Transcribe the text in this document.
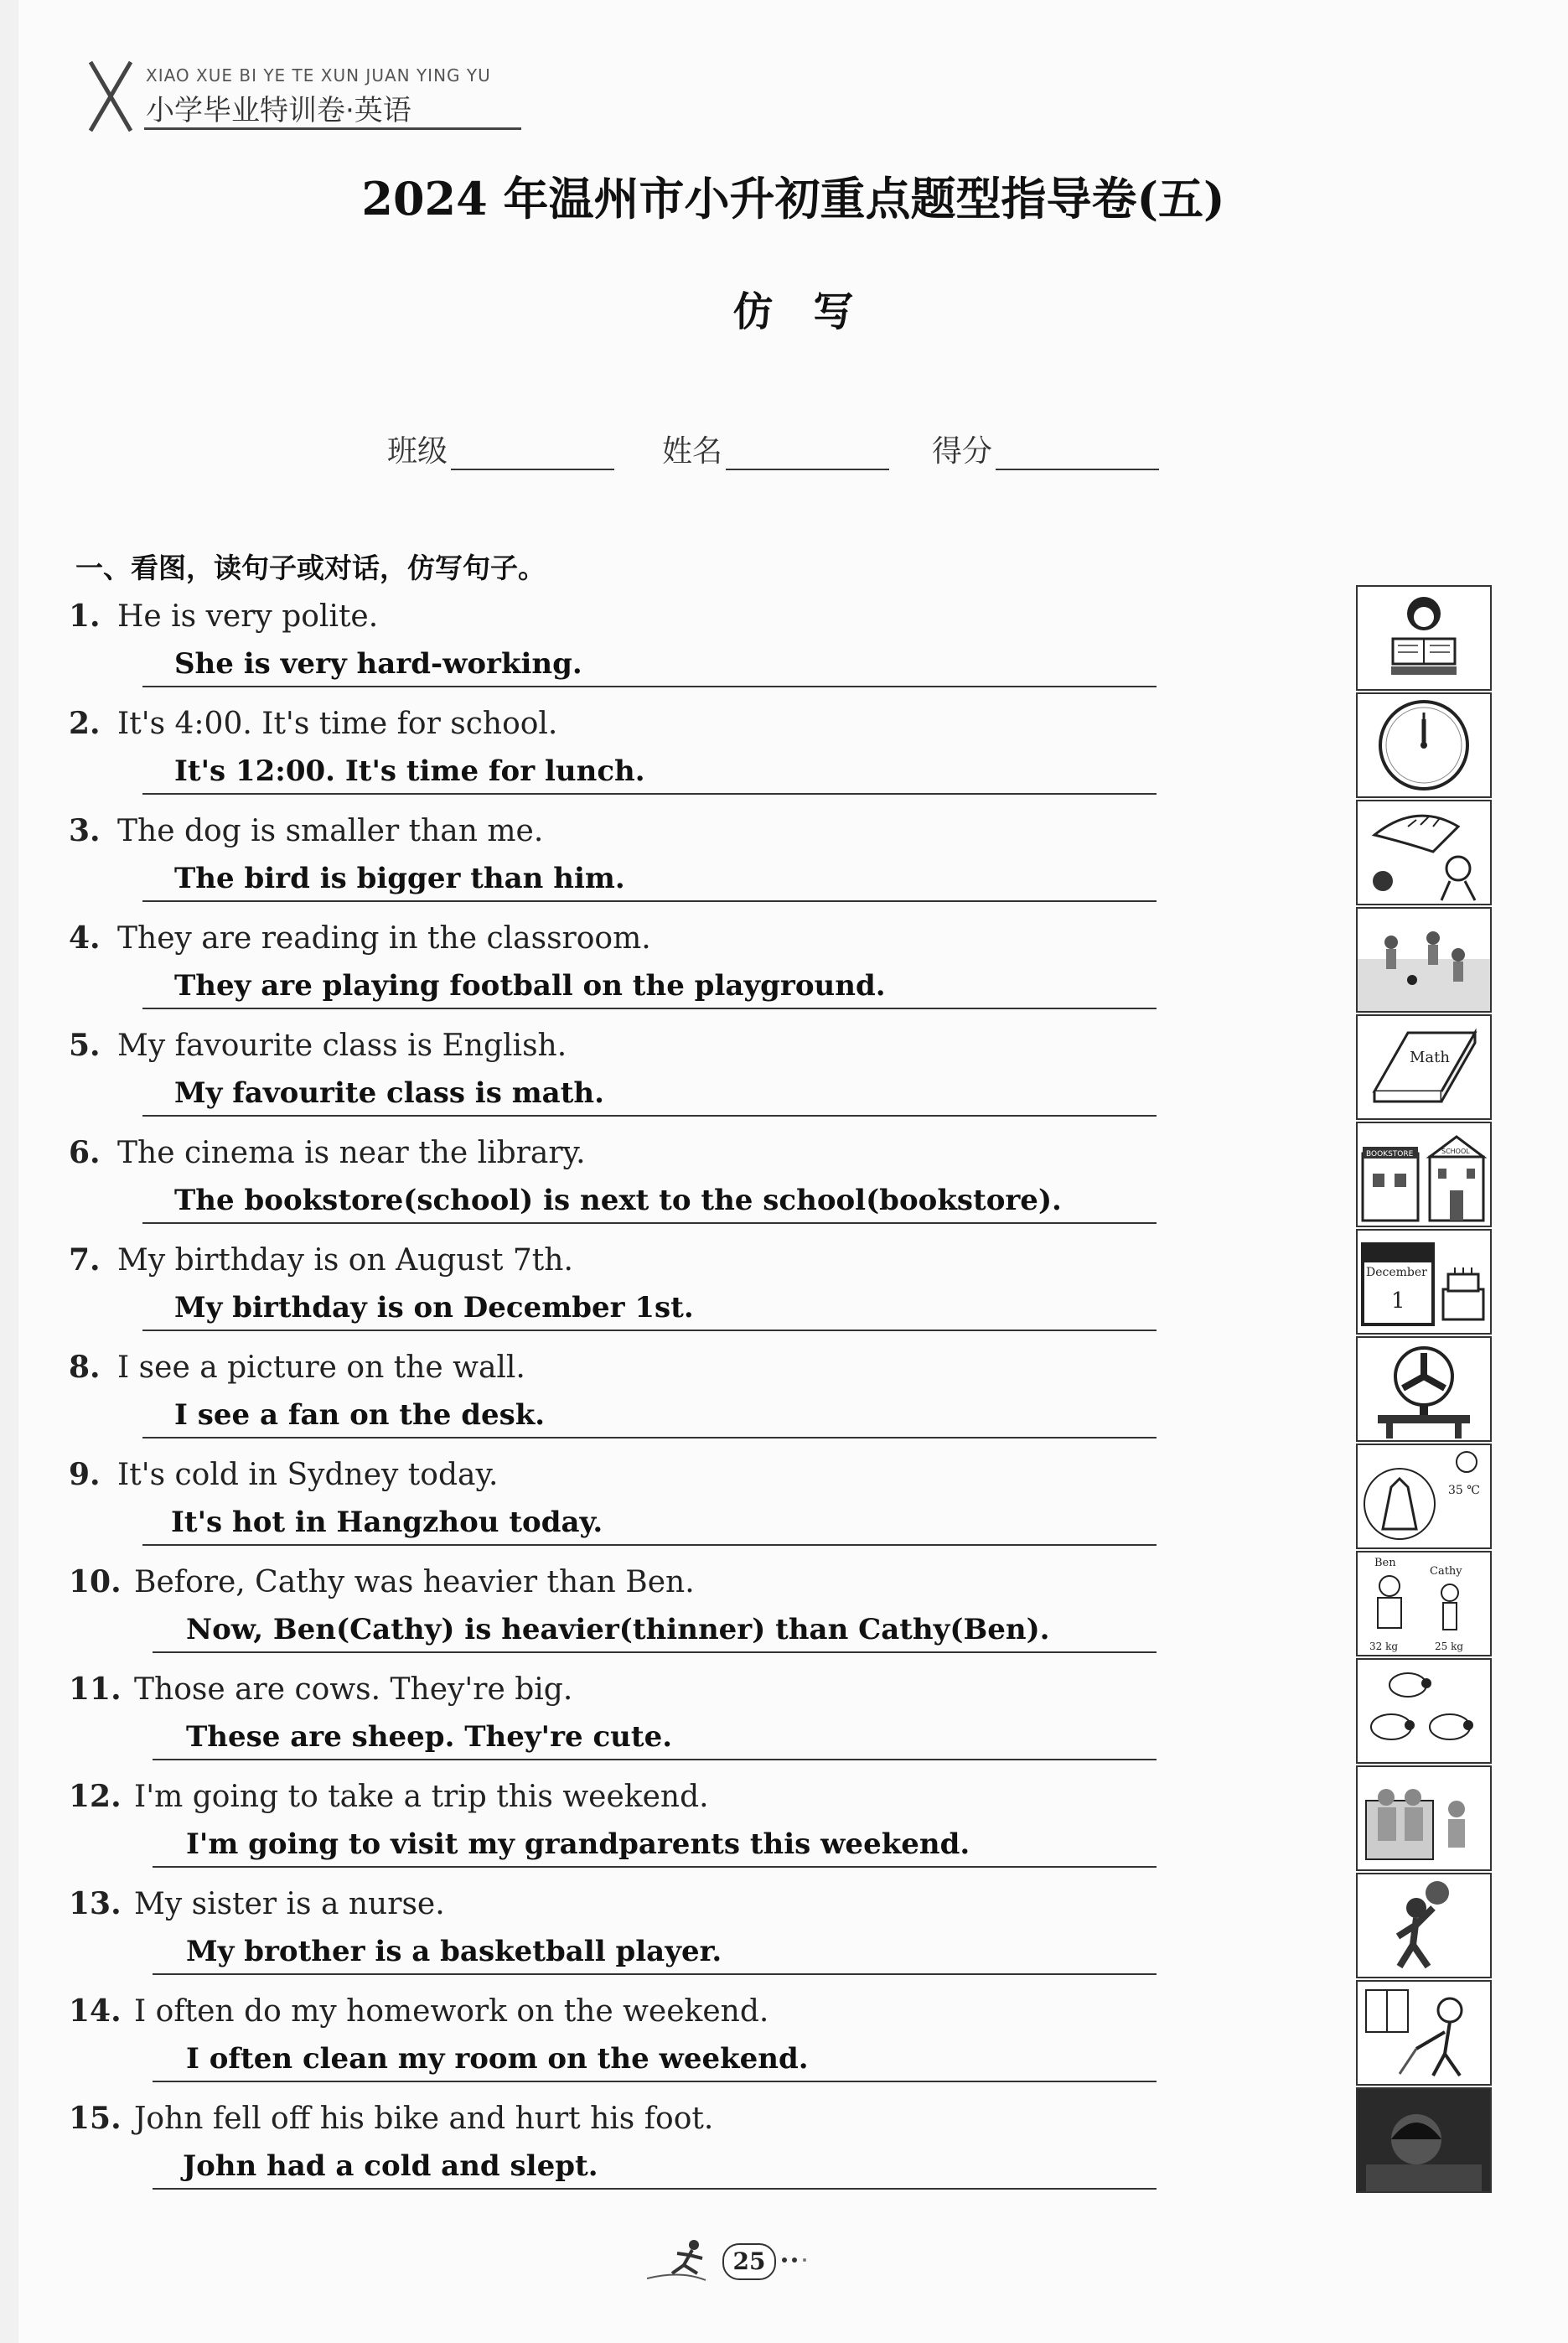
XIAO XUE BI YE TE XUN JUAN YING YU
小学毕业特训卷·英语
2024 年温州市小升初重点题型指导卷(五)
仿写
班级	姓名	得分
一、看图，读句子或对话，仿写句子。
1. He is very polite.
She is very hard-working.
2. It's 4:00. It's time for school.
It's 12:00. It's time for lunch.
3. The dog is smaller than me.
The bird is bigger than him.
4. They are reading in the classroom.
They are playing football on the playground.
5. My favourite class is English.
My favourite class is math.
6. The cinema is near the library.
The bookstore(school) is next to the school(bookstore).
7. My birthday is on August 7th.
My birthday is on December 1st.
8. I see a picture on the wall.
I see a fan on the desk.
9. It's cold in Sydney today.
It's hot in Hangzhou today.
10. Before, Cathy was heavier than Ben.
Now, Ben(Cathy) is heavier(thinner) than Cathy(Ben).
11. Those are cows. They're big.
These are sheep. They're cute.
12. I'm going to take a trip this weekend.
I'm going to visit my grandparents this weekend.
13. My sister is a nurse.
My brother is a basketball player.
14. I often do my homework on the weekend.
I often clean my room on the weekend.
15. John fell off his bike and hurt his foot.
John had a cold and slept.
Math
BOOKSTORE	SCHOOL
December
1
35 ℃
Ben
Cathy
32 kg	25 kg
25
